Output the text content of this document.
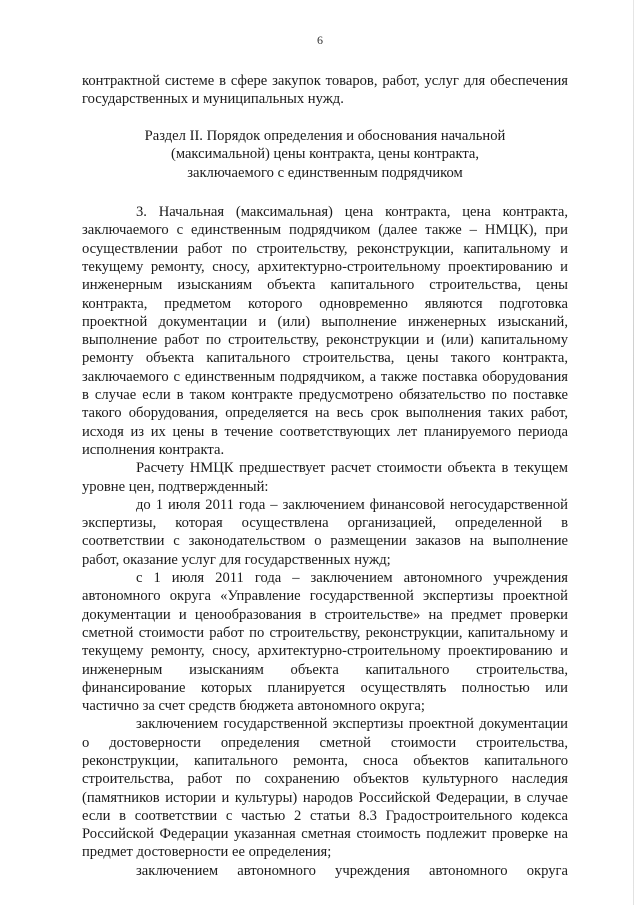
6

контрактной системе в сфере закупок товаров, работ, услуг для обеспечения государственных и муниципальных нужд.

Раздел II. Порядок определения и обоснования начальной
(максимальной) цены контракта, цены контракта,
заключаемого с единственным подрядчиком

3. Начальная (максимальная) цена контракта, цена контракта, заключаемого с единственным подрядчиком (далее также – НМЦК), при осуществлении работ по строительству, реконструкции, капитальному и текущему ремонту, сносу, архитектурно-строительному проектированию и инженерным изысканиям объекта капитального строительства, цены контракта, предметом которого одновременно являются подготовка проектной документации и (или) выполнение инженерных изысканий, выполнение работ по строительству, реконструкции и (или) капитальному ремонту объекта капитального строительства, цены такого контракта, заключаемого с единственным подрядчиком, а также поставка оборудования в случае если в таком контракте предусмотрено обязательство по поставке такого оборудования, определяется на весь срок выполнения таких работ, исходя из их цены в течение соответствующих лет планируемого периода исполнения контракта.

Расчету НМЦК предшествует расчет стоимости объекта в текущем уровне цен, подтвержденный:

до 1 июля 2011 года – заключением финансовой негосударственной экспертизы, которая осуществлена организацией, определенной в соответствии с законодательством о размещении заказов на выполнение работ, оказание услуг для государственных нужд;

с 1 июля 2011 года – заключением автономного учреждения автономного округа «Управление государственной экспертизы проектной документации и ценообразования в строительстве» на предмет проверки сметной стоимости работ по строительству, реконструкции, капитальному и текущему ремонту, сносу, архитектурно-строительному проектированию и инженерным изысканиям объекта капитального строительства, финансирование которых планируется осуществлять полностью или частично за счет средств бюджета автономного округа;

заключением государственной экспертизы проектной документации о достоверности определения сметной стоимости строительства, реконструкции, капитального ремонта, сноса объектов капитального строительства, работ по сохранению объектов культурного наследия (памятников истории и культуры) народов Российской Федерации, в случае если в соответствии с частью 2 статьи 8.3 Градостроительного кодекса Российской Федерации указанная сметная стоимость подлежит проверке на предмет достоверности ее определения;

заключением автономного учреждения автономного округа
